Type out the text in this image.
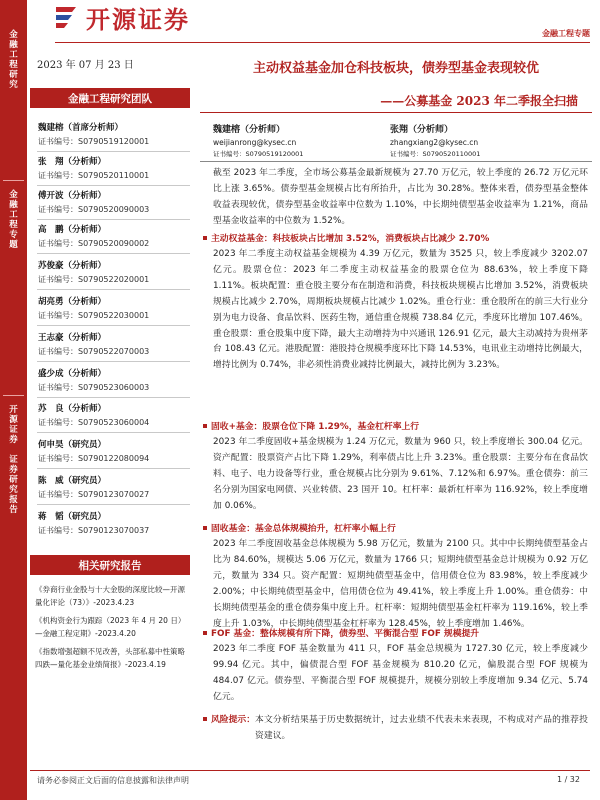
金
融
工
程
研
究
金
融
工
程
专
题
开
源
证
券

证
券
研
究
报
告
开源证券	金融工程专题
2023 年 07 月 23 日
金融工程研究团队
魏建榕（首席分析师）
证书编号：S0790519120001
张　翔（分析师）
证书编号：S0790520110001
傅开波（分析师）
证书编号：S0790520090003
高　鹏（分析师）
证书编号：S0790520090002
苏俊豪（分析师）
证书编号：S0790522020001
胡亮勇（分析师）
证书编号：S0790522030001
王志豪（分析师）
证书编号：S0790522070003
盛少成（分析师）
证书编号：S0790523060003
苏　良（分析师）
证书编号：S0790523060004
何申昊（研究员）
证书编号：S0790122080094
陈　威（研究员）
证书编号：S0790123070027
蒋　韬（研究员）
证书编号：S0790123070037
相关研究报告
《券商行业金股与十大金股的深度比较—开源量化评论（73）》-2023.4.23
《机构资金行为跟踪（2023 年 4 月 20 日）—金融工程定期》-2023.4.20
《指数增强超额不见改善，头部私募中性策略四跌—量化基金业绩简报》-2023.4.19
主动权益基金加仓科技板块，债券型基金表现较优
——公募基金 2023 年二季报全扫描
魏建榕（分析师）
weijianrong@kysec.cn
证书编号：S0790519120001
张翔（分析师）
zhangxiang2@kysec.cn
证书编号：S0790520110001
截至 2023 年二季度，全市场公募基金最新规模为 27.70 万亿元，较上季度的 26.72 万亿元环比上涨 3.65%。债券型基金规模占比有所抬升，占比为 30.28%。整体来看，债券型基金整体收益表现较优，债券型基金收益率中位数为 1.10%，中长期纯债型基金收益率为 1.21%，商品型基金收益率的中位数为 1.52%。
主动权益基金：科技板块占比增加 3.52%，消费板块占比减少 2.70%
2023 年二季度主动权益基金规模为 4.39 万亿元，数量为 3525 只，较上季度减少 3202.07 亿元。股票仓位：2023 年二季度主动权益基金的股票仓位为 88.63%，较上季度下降 1.11%。板块配置：重仓股主要分布在制造和消费，科技板块规模占比增加 3.52%，消费板块规模占比减少 2.70%，周期板块规模占比减少 1.02%。重仓行业：重仓股所在的前三大行业分别为电力设备、食品饮料、医药生物，通信重仓规模 738.84 亿元，季度环比增加 107.46%。重仓股票：重仓股集中度下降，最大主动增持为中兴通讯 126.91 亿元，最大主动减持为贵州茅台 108.43 亿元。港股配置：港股持仓规模季度环比下降 14.53%，电讯业主动增持比例最大，增持比例为 0.74%，非必须性消费业减持比例最大，减持比例为 3.23%。
固收+基金：股票仓位下降 1.29%，基金杠杆率上行
2023 年二季度固收+基金规模为 1.24 万亿元，数量为 960 只，较上季度增长 300.04 亿元。资产配置：股票资产占比下降 1.29%，利率债占比上升 3.23%。重仓股票：主要分布在食品饮料、电子、电力设备等行业，重仓规模占比分别为 9.61%、7.12%和 6.97%。重仓债券：前三名分别为国家电网债、兴业转债、23 国开 10。杠杆率：最新杠杆率为 116.92%，较上季度增加 0.06%。
固收基金：基金总体规模抬升，杠杆率小幅上行
2023 年二季度固收基金总体规模为 5.98 万亿元，数量为 2100 只。其中中长期纯债型基金占比为 84.60%，规模达 5.06 万亿元，数量为 1766 只；短期纯债型基金总计规模为 0.92 万亿元，数量为 334 只。资产配置：短期纯债型基金中，信用债仓位为 83.98%，较上季度减少 2.00%；中长期纯债型基金中，信用债仓位为 49.41%，较上季度上升 1.00%。重仓债券：中长期纯债型基金的重仓债券集中度上升。杠杆率：短期纯债型基金杠杆率为 119.16%，较上季度上升 1.03%，中长期纯债型基金杠杆率为 128.45%，较上季度增加 1.46%。
FOF 基金：整体规模有所下降，债券型、平衡混合型 FOF 规模提升
2023 年二季度 FOF 基金数量为 411 只，FOF 基金总规模为 1727.30 亿元，较上季度减少 99.94 亿元。其中，偏债混合型 FOF 基金规模为 810.20 亿元，偏股混合型 FOF 规模为 484.07 亿元。债券型、平衡混合型 FOF 规模提升，规模分别较上季度增加 9.34 亿元、5.74 亿元。
风险提示： 本文分析结果基于历史数据统计，过去业绩不代表未来表现，不构成对产品的推荐投资建议。
请务必参阅正文后面的信息披露和法律声明	1 / 32
